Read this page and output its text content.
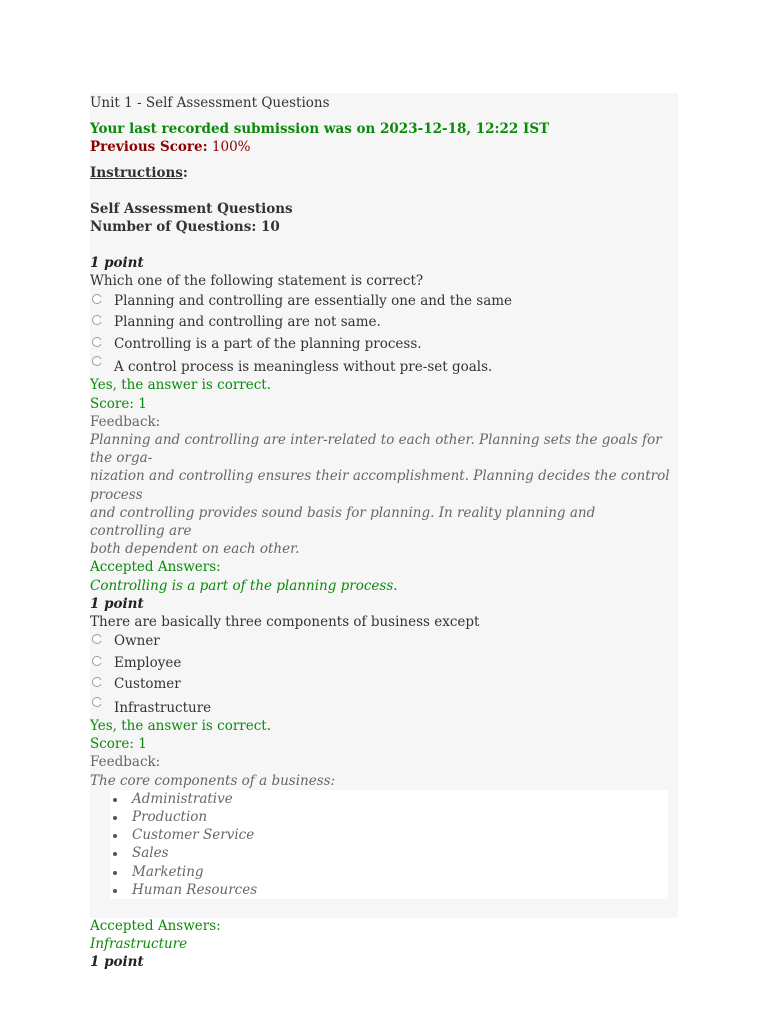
Unit 1 - Self Assessment Questions
Your last recorded submission was on 2023-12-18, 12:22 IST
Previous Score: 100%
Instructions:
Self Assessment Questions
Number of Questions: 10
1 point
Which one of the following statement is correct?
Planning and controlling are essentially one and the same
Planning and controlling are not same.
Controlling is a part of the planning process.
A control process is meaningless without pre-set goals.
Yes, the answer is correct.
Score: 1
Feedback:
Planning and controlling are inter-related to each other. Planning sets the goals for the orga-
nization and controlling ensures their accomplishment. Planning decides the control process
and controlling provides sound basis for planning. In reality planning and controlling are
both dependent on each other.
Accepted Answers:
Controlling is a part of the planning process.
1 point
There are basically three components of business except
Owner
Employee
Customer
Infrastructure
Yes, the answer is correct.
Score: 1
Feedback:
The core components of a business:
Administrative
Production
Customer Service
Sales
Marketing
Human Resources
Accepted Answers:
Infrastructure
1 point
